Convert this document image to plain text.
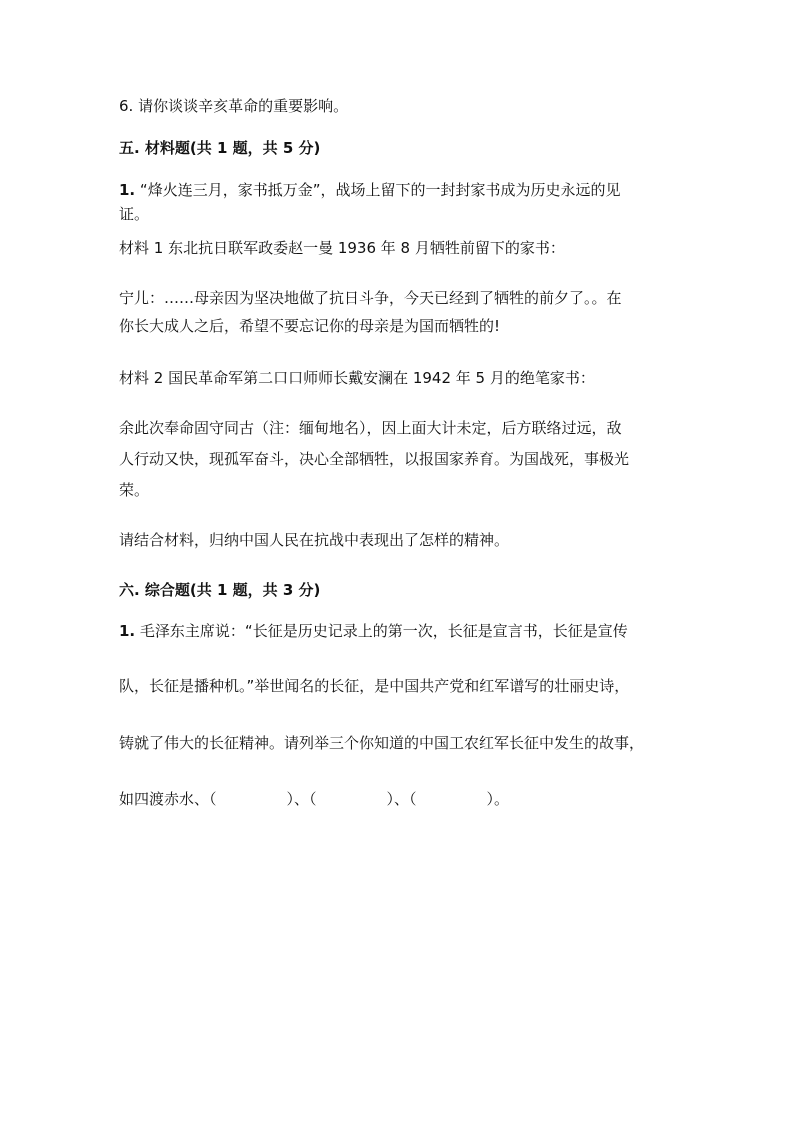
6. 请你谈谈辛亥革命的重要影响。
五. 材料题(共 1 题，共 5 分)
1. “烽火连三月，家书抵万金”，战场上留下的一封封家书成为历史永远的见
证。
材料 1 东北抗日联军政委赵一曼 1936 年 8 月牺牲前留下的家书：
宁儿：……母亲因为坚决地做了抗日斗争，今天已经到了牺牲的前夕了。。在
你长大成人之后，希望不要忘记你的母亲是为国而牺牲的!
材料 2 国民革命军第二口口师师长戴安澜在 1942 年 5 月的绝笔家书：
余此次奉命固守同古（注：缅甸地名），因上面大计未定，后方联络过远，敌
人行动又快，现孤军奋斗，决心全部牺牲，以报国家养育。为国战死，事极光
荣。
请结合材料，归纳中国人民在抗战中表现出了怎样的精神。
六. 综合题(共 1 题，共 3 分)
1. 毛泽东主席说：“长征是历史记录上的第一次，长征是宣言书，长征是宣传
队，长征是播种机。”举世闻名的长征，是中国共产党和红军谱写的壮丽史诗，
铸就了伟大的长征精神。请列举三个你知道的中国工农红军长征中发生的故事，
如四渡赤水、（	）、（	）、（	）。
